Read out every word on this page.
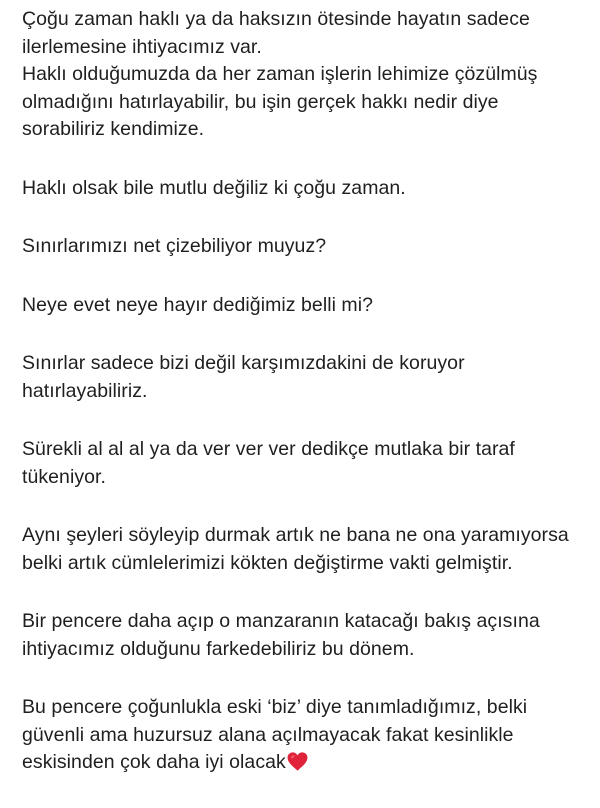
Çoğu zaman haklı ya da haksızın ötesinde hayatın sadece
ilerlemesine ihtiyacımız var.
Haklı olduğumuzda da her zaman işlerin lehimize çözülmüş
olmadığını hatırlayabilir, bu işin gerçek hakkı nedir diye
sorabiliriz kendimize.

Haklı olsak bile mutlu değiliz ki çoğu zaman.

Sınırlarımızı net çizebiliyor muyuz?

Neye evet neye hayır dediğimiz belli mi?

Sınırlar sadece bizi değil karşımızdakini de koruyor
hatırlayabiliriz.

Sürekli al al al ya da ver ver ver dedikçe mutlaka bir taraf
tükeniyor.

Aynı şeyleri söyleyip durmak artık ne bana ne ona yaramıyorsa
belki artık cümlelerimizi kökten değiştirme vakti gelmiştir.

Bir pencere daha açıp o manzaranın katacağı bakış açısına
ihtiyacımız olduğunu farkedebiliriz bu dönem.

Bu pencere çoğunlukla eski ‘biz’ diye tanımladığımız, belki
güvenli ama huzursuz alana açılmayacak fakat kesinlikle
eskisinden çok daha iyi olacak
